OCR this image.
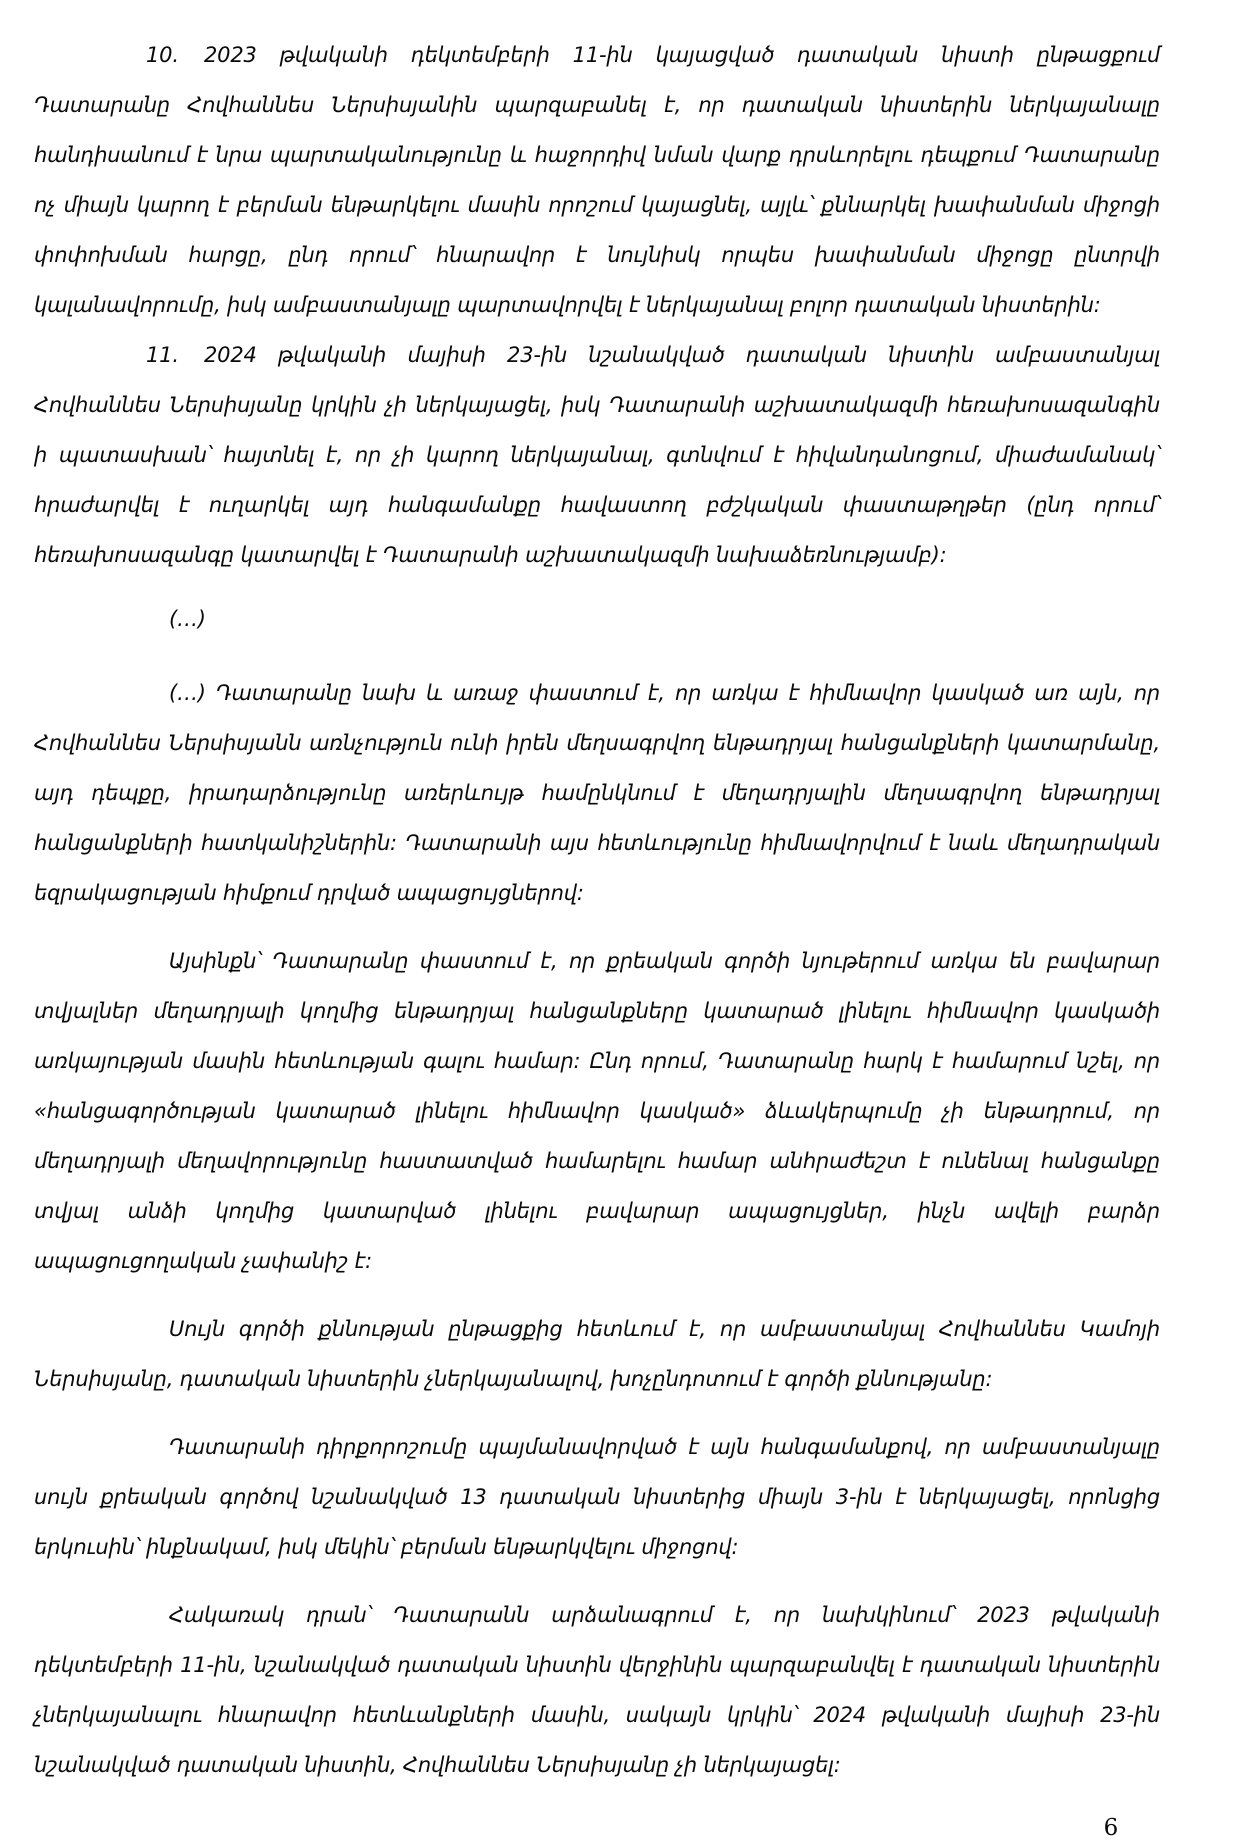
10. 2023 թվականի դեկտեմբերի 11-ին կայացված դատական նիստի ընթացքում Դատարանը Հովհաննես Ներսիսյանին պարզաբանել է, որ դատական նիստերին ներկայանալը հանդիսանում է նրա պարտականությունը և հաջորդիվ նման վարք դրսևորելու դեպքում Դատարանը ոչ միայն կարող է բերման ենթարկելու մասին որոշում կայացնել, այլև՝ քննարկել խափանման միջոցի փոփոխման հարցը, ընդ որում՝ հնարավոր է նույնիսկ որպես խափանման միջոցը ընտրվի կալանավորումը, իսկ ամբաստանյալը պարտավորվել է ներկայանալ բոլոր դատական նիստերին:

11. 2024 թվականի մայիսի 23-ին նշանակված դատական նիստին ամբաստանյալ Հովհաննես Ներսիսյանը կրկին չի ներկայացել, իսկ Դատարանի աշխատակազմի հեռախոսազանգին ի պատասխան՝ հայտնել է, որ չի կարող ներկայանալ, գտնվում է հիվանդանոցում, միաժամանակ՝ հրաժարվել է ուղարկել այդ հանգամանքը հավաստող բժշկական փաստաթղթեր (ընդ որում՝ հեռախոսազանգը կատարվել է Դատարանի աշխատակազմի նախաձեռնությամբ):

(…)

(…) Դատարանը նախ և առաջ փաստում է, որ առկա է հիմնավոր կասկած առ այն, որ Հովհաննես Ներսիսյանն առնչություն ունի իրեն մեղսագրվող ենթադրյալ հանցանքների կատարմանը, այդ դեպքը, իրադարձությունը առերևույթ համընկնում է մեղադրյալին մեղսագրվող ենթադրյալ հանցանքների հատկանիշներին: Դատարանի այս հետևությունը հիմնավորվում է նաև մեղադրական եզրակացության հիմքում դրված ապացույցներով:

Այսինքն՝ Դատարանը փաստում է, որ քրեական գործի նյութերում առկա են բավարար տվյալներ մեղադրյալի կողմից ենթադրյալ հանցանքները կատարած լինելու հիմնավոր կասկածի առկայության մասին հետևության գալու համար: Ընդ որում, Դատարանը հարկ է համարում նշել, որ «հանցագործության կատարած լինելու հիմնավոր կասկած» ձևակերպումը չի ենթադրում, որ մեղադրյալի մեղավորությունը հաստատված համարելու համար անհրաժեշտ է ունենալ հանցանքը տվյալ անձի կողմից կատարված լինելու բավարար ապացույցներ, ինչն ավելի բարձր ապացուցողական չափանիշ է:

Սույն գործի քննության ընթացքից հետևում է, որ ամբաստանյալ Հովհաննես Կամոյի Ներսիսյանը, դատական նիստերին չներկայանալով, խոչընդոտում է գործի քննությանը:

Դատարանի դիրքորոշումը պայմանավորված է այն հանգամանքով, որ ամբաստանյալը սույն քրեական գործով նշանակված 13 դատական նիստերից միայն 3-ին է ներկայացել, որոնցից երկուսին՝ ինքնակամ, իսկ մեկին՝ բերման ենթարկվելու միջոցով:

Հակառակ դրան՝ Դատարանն արձանագրում է, որ նախկինում՝ 2023 թվականի դեկտեմբերի 11-ին, նշանակված դատական նիստին վերջինին պարզաբանվել է դատական նիստերին չներկայանալու հնարավոր հետևանքների մասին, սակայն կրկին՝ 2024 թվականի մայիսի 23-ին նշանակված դատական նիստին, Հովհաննես Ներսիսյանը չի ներկայացել:

6
